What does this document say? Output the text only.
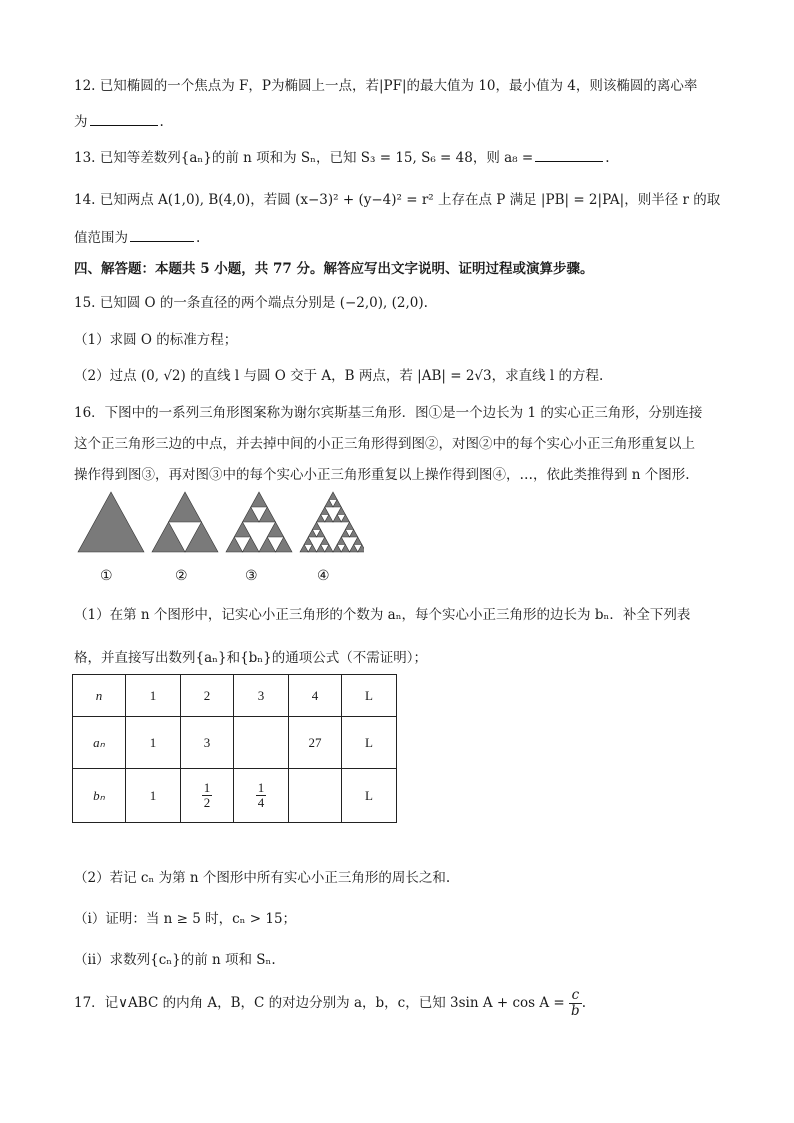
12. 已知椭圆的一个焦点为 F，P为椭圆上一点，若|PF|的最大值为 10，最小值为 4，则该椭圆的离心率
为	.
13. 已知等差数列{aₙ}的前 n 项和为 Sₙ，已知 S₃ = 15, S₆ = 48，则 a₈ =	.
14. 已知两点 A(1,0), B(4,0)，若圆 (x−3)² + (y−4)² = r² 上存在点 P 满足 |PB| = 2|PA|，则半径 r 的取
值范围为	.
四、解答题：本题共 5 小题，共 77 分。解答应写出文字说明、证明过程或演算步骤。
15. 已知圆 O 的一条直径的两个端点分别是 (−2,0), (2,0).
（1）求圆 O 的标准方程；
（2）过点 (0, √2) 的直线 l 与圆 O 交于 A，B 两点，若 |AB| = 2√3，求直线 l 的方程.
16．下图中的一系列三角形图案称为谢尔宾斯基三角形．图①是一个边长为 1 的实心正三角形，分别连接
这个正三角形三边的中点，并去掉中间的小正三角形得到图②，对图②中的每个实心小正三角形重复以上
操作得到图③，再对图③中的每个实心小正三角形重复以上操作得到图④，…，依此类推得到 n 个图形.
①	②	③	④
（1）在第 n 个图形中，记实心小正三角形的个数为 aₙ，每个实心小正三角形的边长为 bₙ．补全下列表
格，并直接写出数列{aₙ}和{bₙ}的通项公式（不需证明）；
n	1	2	3	4	L
aₙ	1	3		27	L
bₙ	1	$\frac{1}{2}$	$\frac{1}{4}$		L
（2）若记 cₙ 为第 n 个图形中所有实心小正三角形的周长之和.
（i）证明：当 n ≥ 5 时，cₙ > 15；
（ii）求数列{cₙ}的前 n 项和 Sₙ.
17．记∨ABC 的内角 A，B，C 的对边分别为 a，b，c，已知 3sin $A + \cos A = \frac{c}{b}$ .
